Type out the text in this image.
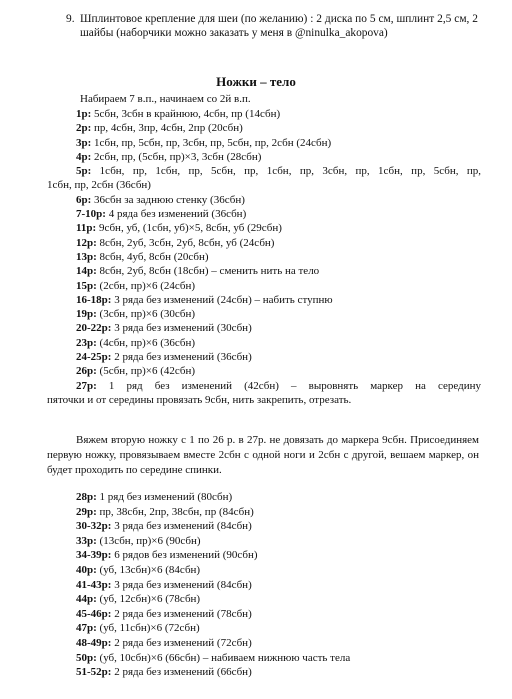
9. Шплинтовое крепление для шеи (по желанию) : 2 диска по 5 см, шплинт 2,5 см, 2 шайбы (наборчики можно заказать у меня в @ninulka_akopova)
Ножки – тело
Набираем 7 в.п., начинаем со 2й в.п.
1р: 5сбн, 3сбн в крайнюю, 4сбн, пр (14сбн)
2р: пр, 4сбн, 3пр, 4сбн, 2пр (20сбн)
3р: 1сбн, пр, 5сбн, пр, 3сбн, пр, 5сбн, пр, 2сбн (24сбн)
4р: 2сбн, пр, (5сбн, пр)×3, 3сбн (28сбн)
5р: 1сбн, пр, 1сбн, пр, 5сбн, пр, 1сбн, пр, 3сбн, пр, 1сбн, пр, 5сбн, пр,
1сбн, пр, 2сбн (36сбн)
6р: 36сбн за заднюю стенку (36сбн)
7-10р: 4 ряда без изменений (36сбн)
11р: 9сбн, уб, (1сбн, уб)×5, 8сбн, уб (29сбн)
12р: 8сбн, 2уб, 3сбн, 2уб, 8сбн, уб (24сбн)
13р: 8сбн, 4уб, 8сбн (20сбн)
14р: 8сбн, 2уб, 8сбн (18сбн) – сменить нить на тело
15р: (2сбн, пр)×6 (24сбн)
16-18р: 3 ряда без изменений (24сбн) – набить ступню
19р: (3сбн, пр)×6 (30сбн)
20-22р: 3 ряда без изменений (30сбн)
23р: (4сбн, пр)×6 (36сбн)
24-25р: 2 ряда без изменений (36сбн)
26р: (5сбн, пр)×6 (42сбн)
27р: 1 ряд без изменений (42сбн) – выровнять маркер на середину
пяточки и от середины провязать 9сбн, нить закрепить, отрезать.
Вяжем вторую ножку с 1 по 26 р. в 27р. не довязать до маркера 9сбн. Присоединяем первую ножку, провязываем вместе 2сбн с одной ноги и 2сбн с другой, вешаем маркер, он будет проходить по середине спинки.
28р: 1 ряд без изменений (80сбн)
29р: пр, 38сбн, 2пр, 38сбн, пр (84сбн)
30-32р: 3 ряда без изменений (84сбн)
33р: (13сбн, пр)×6 (90сбн)
34-39р: 6 рядов без изменений (90сбн)
40р: (уб, 13сбн)×6 (84сбн)
41-43р: 3 ряда без изменений (84сбн)
44р: (уб, 12сбн)×6 (78сбн)
45-46р: 2 ряда без изменений (78сбн)
47р: (уб, 11сбн)×6 (72сбн)
48-49р: 2 ряда без изменений (72сбн)
50р: (уб, 10сбн)×6 (66сбн) – набиваем нижнюю часть тела
51-52р: 2 ряда без изменений (66сбн)
